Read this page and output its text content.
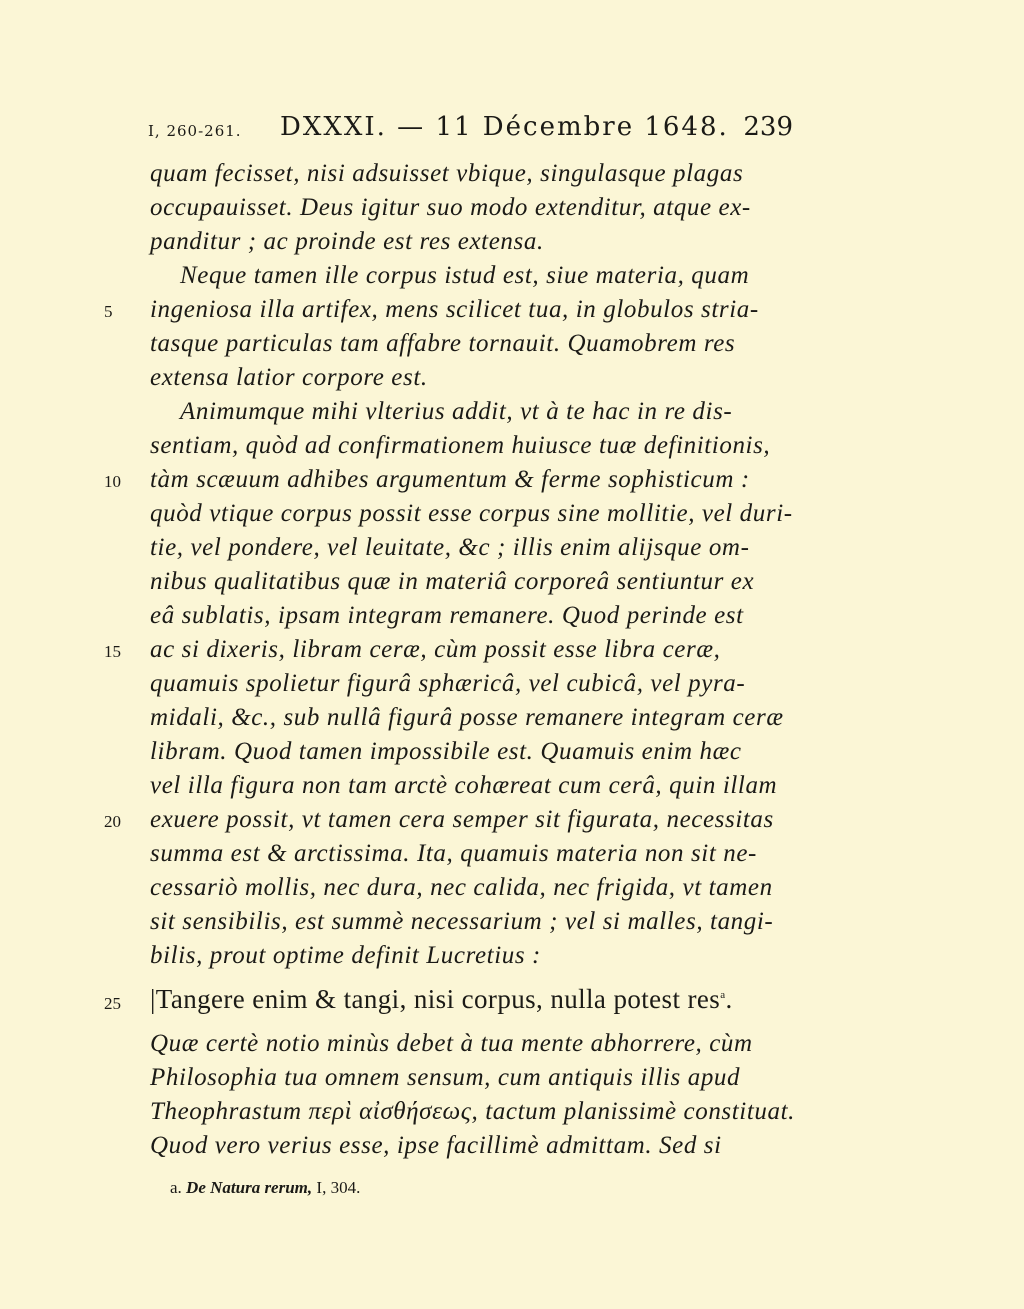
I, 260-261. DXXXI. — 11 Décembre 1648. 239
quam fecisset, nisi adsuisset vbique, singulasque plagas
occupauisset. Deus igitur suo modo extenditur, atque ex-
panditur ; ac proinde est res extensa.
Neque tamen ille corpus istud est, siue materia, quam
ingeniosa illa artifex, mens scilicet tua, in globulos stria-
tasque particulas tam affabre tornauit. Quamobrem res
extensa latior corpore est.
Animumque mihi vlterius addit, vt à te hac in re dis-
sentiam, quòd ad confirmationem huiusce tuæ definitionis,
tàm scæuum adhibes argumentum & ferme sophisticum :
quòd vtique corpus possit esse corpus sine mollitie, vel duri-
tie, vel pondere, vel leuitate, &c ; illis enim alijsque om-
nibus qualitatibus quæ in materiâ corporeâ sentiuntur ex
eâ sublatis, ipsam integram remanere. Quod perinde est
ac si dixeris, libram ceræ, cùm possit esse libra ceræ,
quamuis spolietur figurâ sphæricâ, vel cubicâ, vel pyra-
midali, &c., sub nullâ figurâ posse remanere integram ceræ
libram. Quod tamen impossibile est. Quamuis enim hæc
vel illa figura non tam arctè cohæreat cum cerâ, quin illam
exuere possit, vt tamen cera semper sit figurata, necessitas
summa est & arctissima. Ita, quamuis materia non sit ne-
cessariò mollis, nec dura, nec calida, nec frigida, vt tamen
sit sensibilis, est summè necessarium ; vel si malles, tangi-
bilis, prout optime definit Lucretius :
5
10
15
20
25	|Tangere enim & tangi, nisi corpus, nulla potest res$^a$.
Quæ certè notio minùs debet à tua mente abhorrere, cùm
Philosophia tua omnem sensum, cum antiquis illis apud
Theophrastum περὶ αἰσθήσεως, tactum planissimè constituat.
Quod vero verius esse, ipse facillimè admittam. Sed si
a. De Natura rerum, I, 304.
